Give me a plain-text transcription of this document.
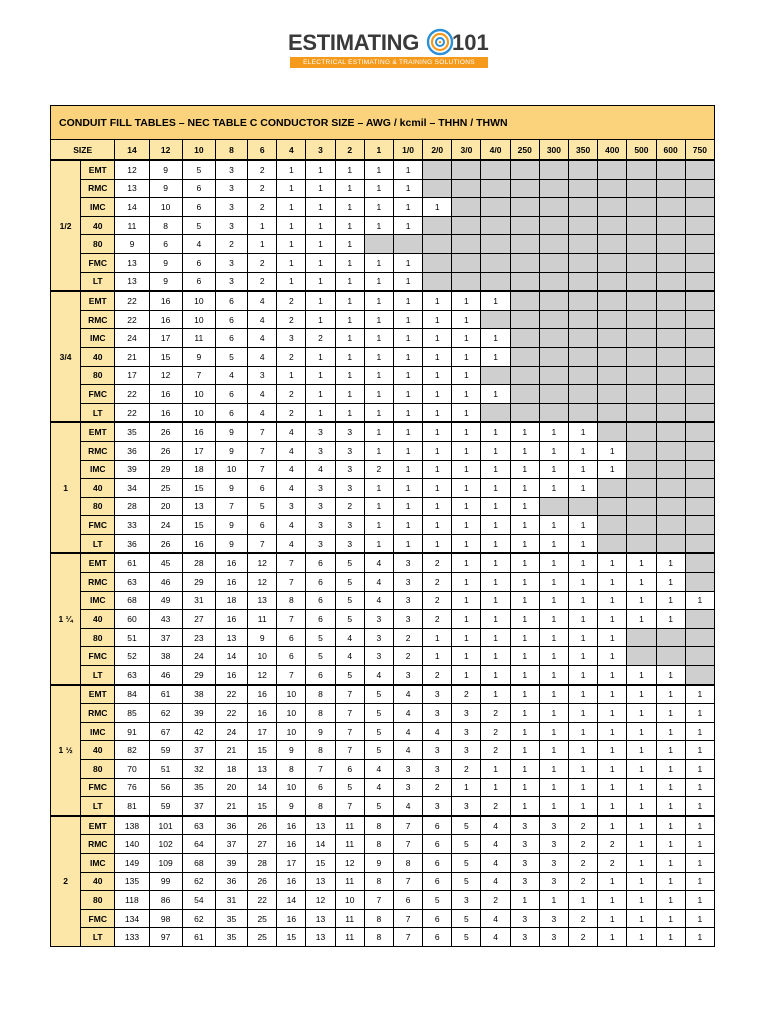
ESTIMATING 101
ELECTRICAL ESTIMATING & TRAINING SOLUTIONS
CONDUIT FILL TABLES – NEC TABLE C CONDUCTOR SIZE – AWG / kcmil – THHN / THWN																					
SIZE		14	12	10	8	6	4	3	2	1	1/0	2/0	3/0	4/0	250	300	350	400	500	600	750
1/2	EMT	12	9	5	3	2	1	1	1	1	1										
	RMC	13	9	6	3	2	1	1	1	1	1										
	IMC	14	10	6	3	2	1	1	1	1	1	1									
	40	11	8	5	3	1	1	1	1	1	1										
	80	9	6	4	2	1	1	1	1												
	FMC	13	9	6	3	2	1	1	1	1	1										
	LT	13	9	6	3	2	1	1	1	1	1										
3/4	EMT	22	16	10	6	4	2	1	1	1	1	1	1	1							
	RMC	22	16	10	6	4	2	1	1	1	1	1	1								
	IMC	24	17	11	6	4	3	2	1	1	1	1	1	1							
	40	21	15	9	5	4	2	1	1	1	1	1	1	1							
	80	17	12	7	4	3	1	1	1	1	1	1	1								
	FMC	22	16	10	6	4	2	1	1	1	1	1	1	1							
	LT	22	16	10	6	4	2	1	1	1	1	1	1								
1	EMT	35	26	16	9	7	4	3	3	1	1	1	1	1	1	1	1				
	RMC	36	26	17	9	7	4	3	3	1	1	1	1	1	1	1	1	1			
	IMC	39	29	18	10	7	4	4	3	2	1	1	1	1	1	1	1	1			
	40	34	25	15	9	6	4	3	3	1	1	1	1	1	1	1	1				
	80	28	20	13	7	5	3	3	2	1	1	1	1	1	1						
	FMC	33	24	15	9	6	4	3	3	1	1	1	1	1	1	1	1				
	LT	36	26	16	9	7	4	3	3	1	1	1	1	1	1	1	1				
1 ¼	EMT	61	45	28	16	12	7	6	5	4	3	2	1	1	1	1	1	1	1	1	
	RMC	63	46	29	16	12	7	6	5	4	3	2	1	1	1	1	1	1	1	1	
	IMC	68	49	31	18	13	8	6	5	4	3	2	1	1	1	1	1	1	1	1	1
	40	60	43	27	16	11	7	6	5	3	3	2	1	1	1	1	1	1	1	1	
	80	51	37	23	13	9	6	5	4	3	2	1	1	1	1	1	1	1			
	FMC	52	38	24	14	10	6	5	4	3	2	1	1	1	1	1	1	1			
	LT	63	46	29	16	12	7	6	5	4	3	2	1	1	1	1	1	1	1	1	
1 ½	EMT	84	61	38	22	16	10	8	7	5	4	3	2	1	1	1	1	1	1	1	1
	RMC	85	62	39	22	16	10	8	7	5	4	3	3	2	1	1	1	1	1	1	1
	IMC	91	67	42	24	17	10	9	7	5	4	4	3	2	1	1	1	1	1	1	1
	40	82	59	37	21	15	9	8	7	5	4	3	3	2	1	1	1	1	1	1	1
	80	70	51	32	18	13	8	7	6	4	3	3	2	1	1	1	1	1	1	1	1
	FMC	76	56	35	20	14	10	6	5	4	3	2	1	1	1	1	1	1	1	1	1
	LT	81	59	37	21	15	9	8	7	5	4	3	3	2	1	1	1	1	1	1	1
2	EMT	138	101	63	36	26	16	13	11	8	7	6	5	4	3	3	2	1	1	1	1
	RMC	140	102	64	37	27	16	14	11	8	7	6	5	4	3	3	2	2	1	1	1
	IMC	149	109	68	39	28	17	15	12	9	8	6	5	4	3	3	2	2	1	1	1
	40	135	99	62	36	26	16	13	11	8	7	6	5	4	3	3	2	1	1	1	1
	80	118	86	54	31	22	14	12	10	7	6	5	3	2	1	1	1	1	1	1	1
	FMC	134	98	62	35	25	16	13	11	8	7	6	5	4	3	3	2	1	1	1	1
	LT	133	97	61	35	25	15	13	11	8	7	6	5	4	3	3	2	1	1	1	1
